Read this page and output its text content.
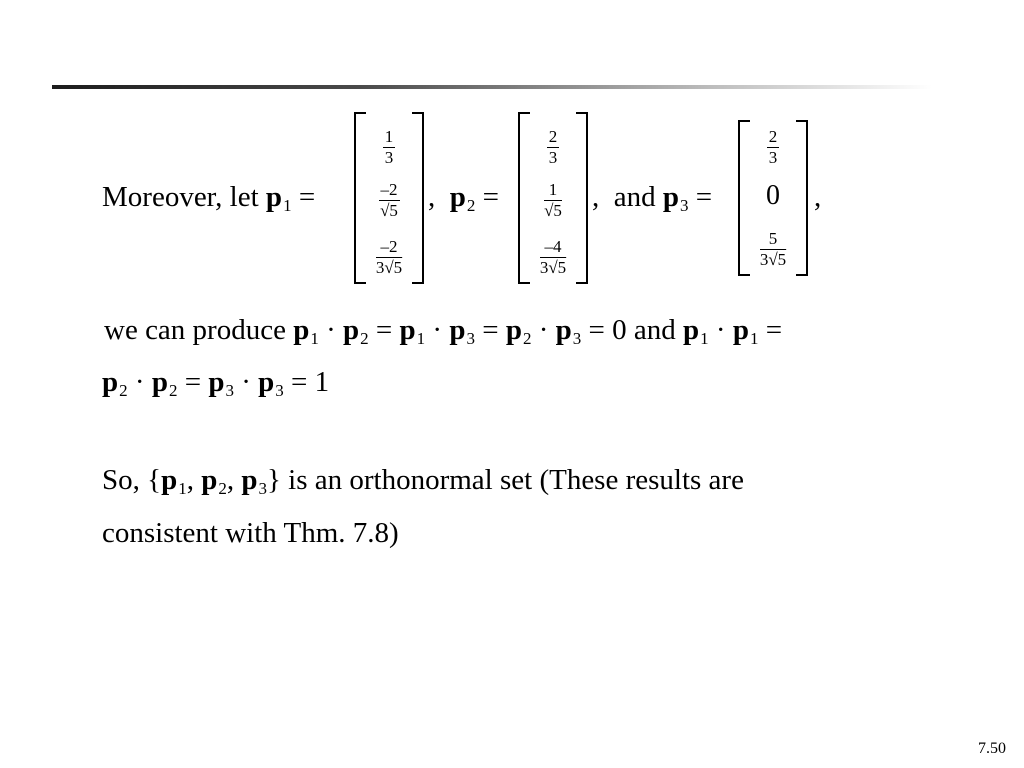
Moreover, let $p_1$ =
$\frac{1}{3}$
$\frac{-2}{√5}$
$\frac{-2}{3√5}$
, $p_2$ =
$\frac{2}{3}$
$\frac{1}{√5}$
$\frac{-4}{3√5}$
, and $p_3$ =
$\frac{2}{3}$
0
$\frac{5}{3√5}$
,
we can produce $p_1 \cdot p_2 = p_1 \cdot p_3 = p_2 \cdot p_3 = 0$ and $p_1 \cdot p_1$ =
$p_2 \cdot p_2 = p_3 \cdot p_3 = 1$
So, {$p_1$, $p_2$, $p_3$} is an orthonormal set (These results are
consistent with Thm. 7.8)
7.50
